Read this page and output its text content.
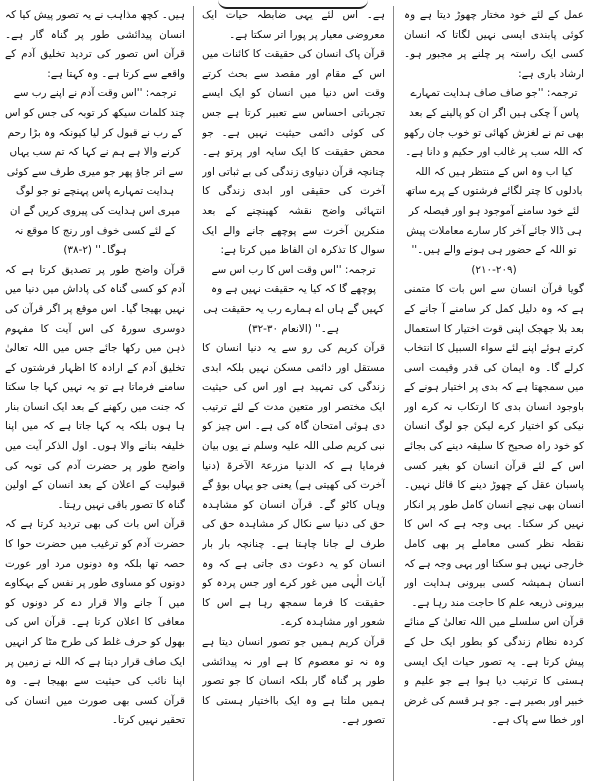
عمل کے لئے خود مختار چھوڑ دیتا ہے وہ کوئی پابندی ایسی نہیں لگاتا کہ انسان کسی ایک راستہ پر چلنے پر مجبور ہو۔ ارشاد باری ہے:

ترجمہ: ''جو صاف صاف ہدایت تمہارے پاس آ چکی ہیں اگر ان کو پالینے کے بعد بھی تم نے لغزش کھائی تو خوب جان رکھو کہ اللہ سب پر غالب اور حکیم و دانا ہے۔ کیا اب وہ اس کے منتظر ہیں کہ اللہ بادلوں کا چتر لگائے فرشتوں کے پرے ساتھ لئے خود سامنے آموجود ہو اور فیصلہ کر ہی ڈالا جائے آخر کار سارے معاملات پیش تو اللہ کے حضور ہی ہونے والے ہیں۔'' (۲۰۹-۲۱۰)

گویا قرآن انسان سے اس بات کا متمنی ہے کہ وہ دلیل کمل کر سامنے آ جانے کے بعد بلا جھجک اپنی قوت اختیار کا استعمال کرتے ہوئے اپنے لئے سواء السبیل کا انتخاب کرلے گا۔ وہ ایمان کی قدر وقیمت اسی میں سمجھتا ہے کہ بدی پر اختیار ہونے کے باوجود انسان بدی کا ارتکاب نہ کرے اور نیکی کو اختیار کرے لیکن جو لوگ انسان کو خود راہ صحیح کا سلیقہ دینے کی بجائے اس کے لئے قرآن انسان کو بغیر کسی پاسبان عقل کے چھوڑ دینے کا قائل نہیں۔ انسان بھی نیچے انسان کامل طور پر انکار نہیں کر سکتا۔ یہی وجہ ہے کہ اس کا نقطہ نظر کسی معاملے پر بھی کامل خارجی نہیں ہو سکتا اور یہی وجہ ہے کہ انسان ہمیشہ کسی بیرونی ہدایت اور بیرونی ذریعہ علم کا حاجت مند رہا ہے۔

قرآن اس سلسلے میں اللہ تعالیٰ کے منائے کردہ نظام زندگی کو بطور ایک حل کے پیش کرتا ہے۔ یہ تصور حیات ایک ایسی ہستی کا ترتیب دیا ہوا ہے جو علیم و خبیر اور بصیر ہے۔ جو ہر قسم کی غرض اور خطا سے پاک ہے۔

ہے۔ اس لئے یہی ضابطہ حیات ایک معروضی معیار پر پورا اتر سکتا ہے۔

قرآن پاک انسان کی حقیقت کا کائنات میں اس کے مقام اور مقصد سے بحث کرتے وقت اس دنیا میں انسان کو ایک ایسے تجرباتی احساس سے تعبیر کرتا ہے جس کی کوئی دائمی حیثیت نہیں ہے۔ جو محض حقیقت کا ایک سایہ اور پرتو ہے۔ چنانچہ قرآن دنیاوی زندگی کی بے ثباتی اور آخرت کی حقیقی اور ابدی زندگی کا انتہائی واضح نقشہ کھینچنے کے بعد منکرین آخرت سے پوچھے جانے والے ایک سوال کا تذکرہ ان الفاظ میں کرتا ہے:

ترجمہ: ''اس وقت اس کا رب اس سے پوچھے گا کہ کیا یہ حقیقت نہیں ہے وہ کہیں گے ہاں اے ہمارے رب یہ حقیقت ہی ہے۔'' (الانعام ۳۰-۳۲)

قرآن کریم کی رو سے یہ دنیا انسان کا مستقل اور دائمی مسکن نہیں بلکہ ابدی زندگی کی تمہید ہے اور اس کی حیثیت ایک مختصر اور متعین مدت کے لئے ترتیب دی ہوئی امتحان گاہ کی ہے۔ اس چیز کو نبی کریم صلی اللہ علیہ وسلم نے یوں بیان فرمایا ہے کہ الدنیا مزرعۃ الآخرۃ (دنیا آخرت کی کھیتی ہے) یعنی جو یہاں بوؤ گے وہاں کاٹو گے۔ قرآن انسان کو مشاہدہ حق کی دنیا سے نکال کر مشاہدہ حق کی طرف لے جانا چاہتا ہے۔ چنانچہ بار بار انسان کو یہ دعوت دی جاتی ہے کہ وہ آیات الٰہی میں غور کرے اور جس پردہ کو حقیقت کا فرما سمجھ رہا ہے اس کا شعور اور مشاہدہ کرے۔

قرآن کریم ہمیں جو تصور انسان دیتا ہے وہ نہ تو معصوم کا ہے اور نہ پیدائشی طور پر گناہ گار بلکہ انسان کا جو تصور ہمیں ملتا ہے وہ ایک بااختیار ہستی کا تصور ہے۔

ہیں۔ کچھ مذاہب نے یہ تصور پیش کیا کہ انسان پیدائشی طور پر گناہ گار ہے۔ قرآن اس تصور کی تردید تخلیق آدم کے واقعے سے کرتا ہے۔ وہ کہتا ہے:

ترجمہ: ''اس وقت آدم نے اپنے رب سے چند کلمات سیکھ کر توبہ کی جس کو اس کے رب نے قبول کر لیا کیونکہ وہ بڑا رحم کرنے والا ہے ہم نے کہا کہ تم سب یہاں سے اتر جاؤ پھر جو میری طرف سے کوئی ہدایت تمہارے پاس پہنچے تو جو لوگ میری اس ہدایت کی پیروی کریں گے ان کے لئے کسی خوف اور رنج کا موقع نہ ہوگا۔'' (۲-۳۸)

قرآن واضح طور پر تصدیق کرتا ہے کہ آدم کو کسی گناہ کی پاداش میں دنیا میں نہیں بھیجا گیا۔ اس موقع پر اگر قرآن کی دوسری سورۃ کی اس آیت کا مفہوم ذہن میں رکھا جائے جس میں اللہ تعالیٰ تخلیق آدم کے ارادہ کا اظہار فرشتوں کے سامنے فرماتا ہے تو یہ نہیں کہا جا سکتا کہ جنت میں رکھنے کے بعد ایک انسان بنار ہا ہوں بلکہ یہ کہا جاتا ہے کہ میں اپنا خلیفہ بنانے والا ہوں۔ اول الذکر آیت میں واضح طور پر حضرت آدم کی توبہ کی قبولیت کے اعلان کے بعد انسان کے اولین گناہ کا تصور باقی نہیں رہتا۔

قرآن اس بات کی بھی تردید کرتا ہے کہ حضرت آدم کو ترغیب میں حضرت حوا کا حصہ تھا بلکہ وہ دونوں مرد اور عورت دونوں کو مساوی طور پر نفس کے بہکاوے میں آ جانے والا قرار دے کر دونوں کو معافی کا اعلان کرتا ہے۔ قرآن اس کی بھول کو حرف غلط کی طرح مٹا کر انہیں ایک صاف قرار دیتا ہے کہ اللہ نے زمین پر اپنا نائب کی حیثیت سے بھیجا ہے۔ وہ قرآن کسی بھی صورت میں انسان کی تحقیر نہیں کرتا۔
